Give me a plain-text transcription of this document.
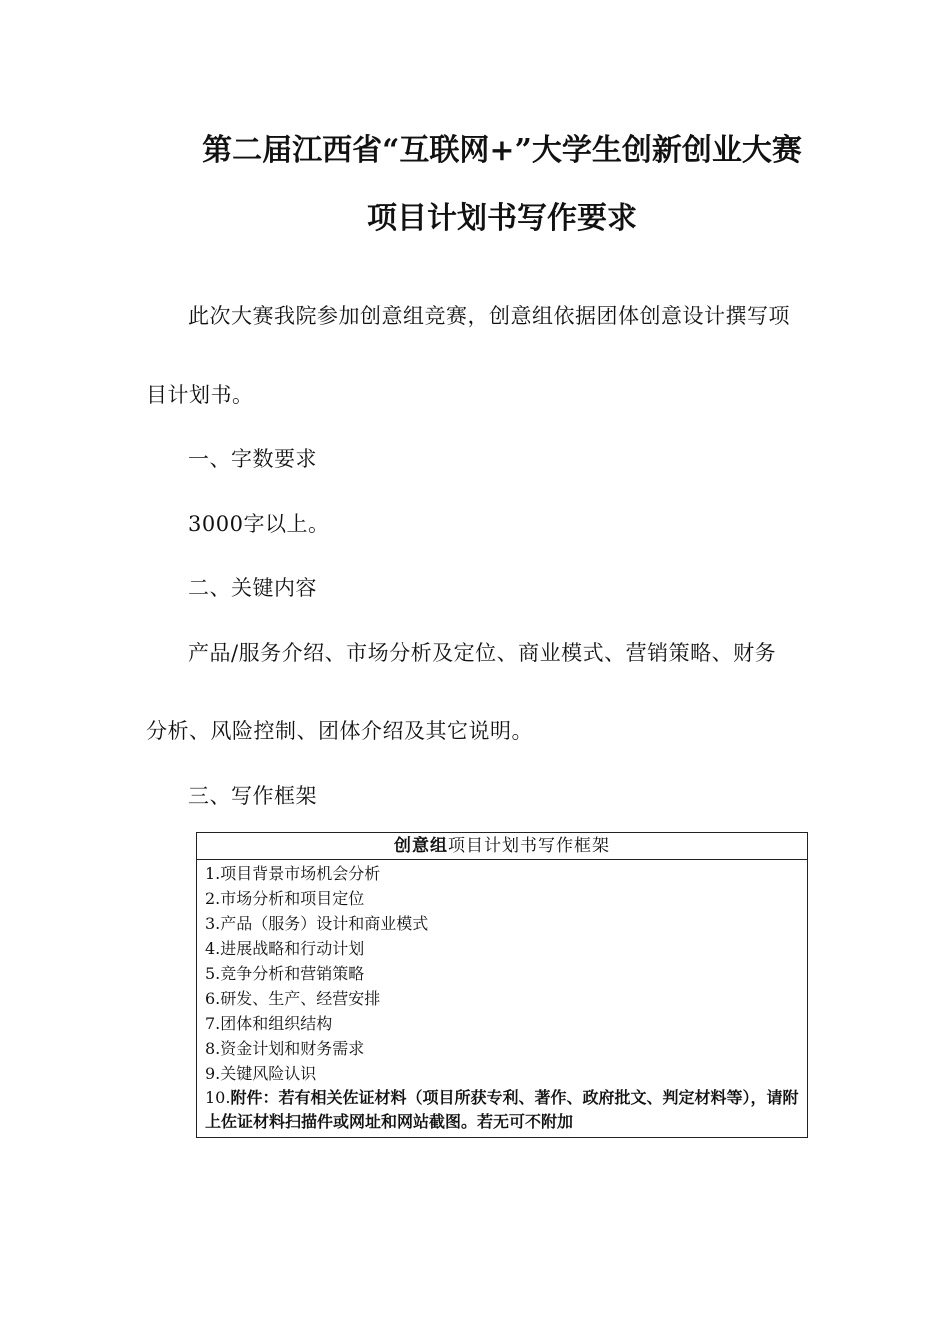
第二届江西省“互联网+”大学生创新创业大赛
项目计划书写作要求
此次大赛我院参加创意组竞赛，创意组依据团体创意设计撰写项
目计划书。
一、字数要求
3000字以上。
二、关键内容
产品/服务介绍、市场分析及定位、商业模式、营销策略、财务
分析、风险控制、团体介绍及其它说明。
三、写作框架
创意组项目计划书写作框架
1.项目背景市场机会分析
2.市场分析和项目定位
3.产品（服务）设计和商业模式
4.进展战略和行动计划
5.竞争分析和营销策略
6.研发、生产、经营安排
7.团体和组织结构
8.资金计划和财务需求
9.关键风险认识
10.附件：若有相关佐证材料（项目所获专利、著作、政府批文、判定材料等），请附上佐证材料扫描件或网址和网站截图。若无可不附加
